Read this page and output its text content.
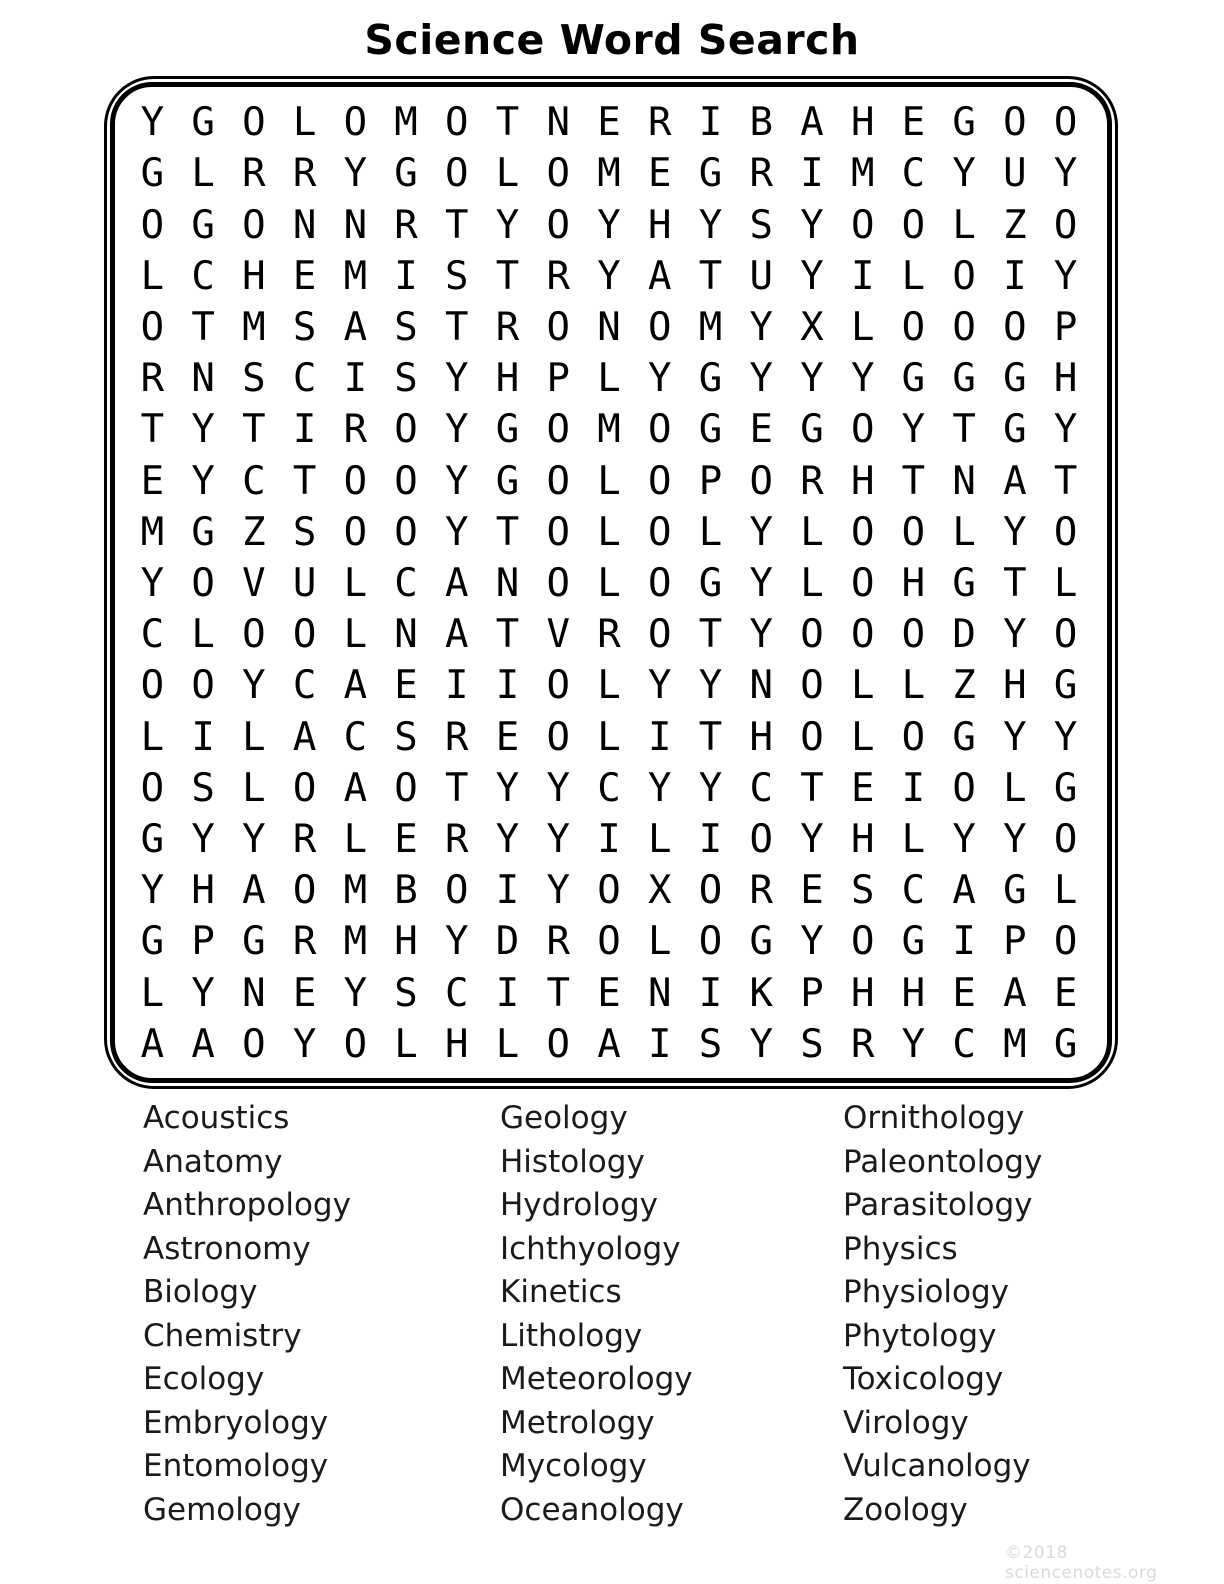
Science Word Search
Y G O L O M O T N E R I B A H E G O O
G L R R Y G O L O M E G R I M C Y U Y
O G O N N R T Y O Y H Y S Y O O L Z O
L C H E M I S T R Y A T U Y I L O I Y
O T M S A S T R O N O M Y X L O O O P
R N S C I S Y H P L Y G Y Y Y G G G H
T Y T I R O Y G O M O G E G O Y T G Y
E Y C T O O Y G O L O P O R H T N A T
M G Z S O O Y T O L O L Y L O O L Y O
Y O V U L C A N O L O G Y L O H G T L
C L O O L N A T V R O T Y O O O D Y O
O O Y C A E I I O L Y Y N O L L Z H G
L I L A C S R E O L I T H O L O G Y Y
O S L O A O T Y Y C Y Y C T E I O L G
G Y Y R L E R Y Y I L I O Y H L Y Y O
Y H A O M B O I Y O X O R E S C A G L
G P G R M H Y D R O L O G Y O G I P O
L Y N E Y S C I T E N I K P H H E A E
A A O Y O L H L O A I S Y S R Y C M G
Acoustics
Anatomy
Anthropology
Astronomy
Biology
Chemistry
Ecology
Embryology
Entomology
Gemology
Geology
Histology
Hydrology
Ichthyology
Kinetics
Lithology
Meteorology
Metrology
Mycology
Oceanology
Ornithology
Paleontology
Parasitology
Physics
Physiology
Phytology
Toxicology
Virology
Vulcanology
Zoology
©2018 sciencenotes.org
